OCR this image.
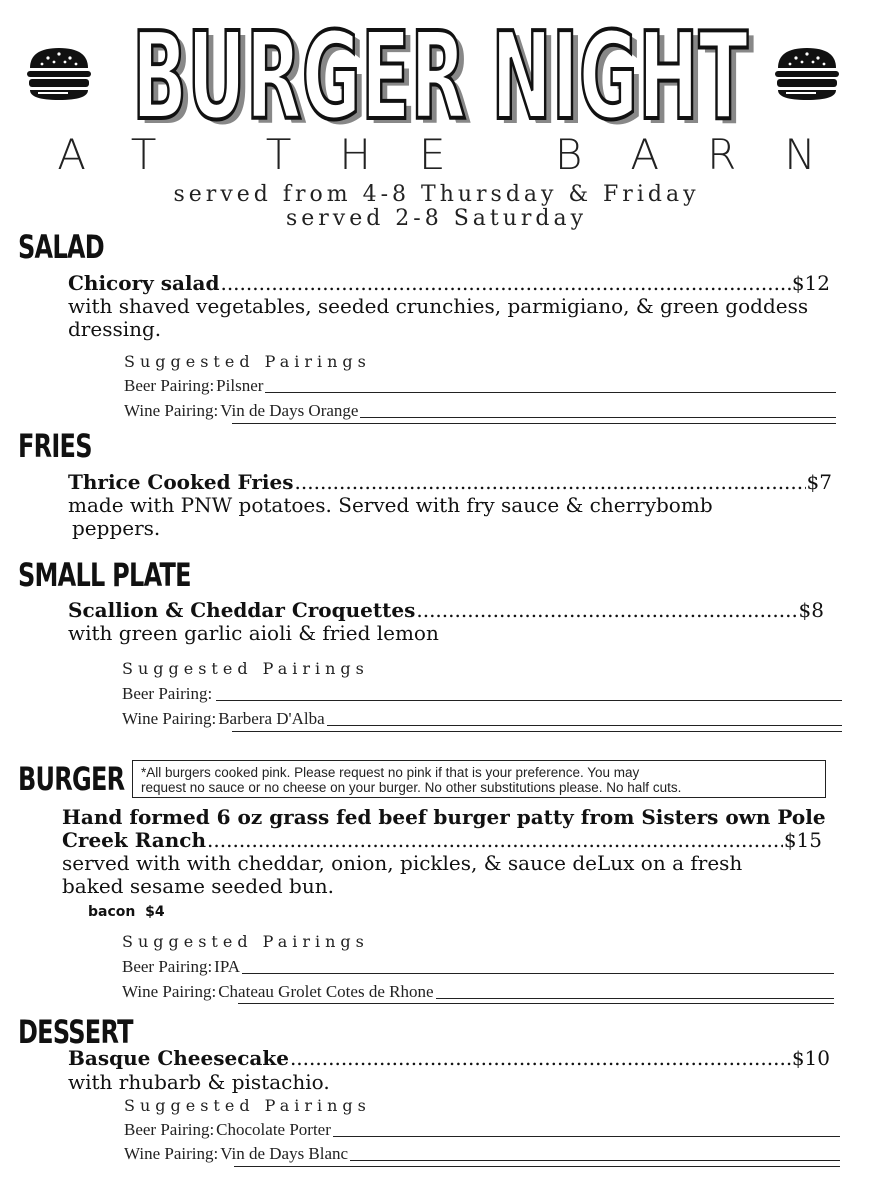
BURGER NIGHT
BURGER NIGHT
AT THE BARN
served from 4-8 Thursday & Friday
served 2-8 Saturday
SALAD
Chicory salad .....	$12
with shaved vegetables, seeded crunchies, parmigiano, & green goddess
dressing.
Suggested Pairings
Beer Pairing: Pilsner
Wine Pairing: Vin de Days Orange
FRIES
Thrice Cooked Fries .....	$7
made with PNW potatoes. Served with fry sauce & cherrybomb
peppers.
SMALL PLATE
Scallion & Cheddar Croquettes .....	$8
with green garlic aioli & fried lemon
Suggested Pairings
Beer Pairing:
Wine Pairing: Barbera D'Alba
BURGER *All burgers cooked pink. Please request no pink if that is your preference. You may
request no sauce or no cheese on your burger. No other substitutions please. No half cuts.
Hand formed 6 oz grass fed beef burger patty from Sisters own Pole
Creek Ranch .....	$15
served with with cheddar, onion, pickles, & sauce deLux on a fresh
baked sesame seeded bun.
bacon  $4
Suggested Pairings
Beer Pairing: IPA
Wine Pairing: Chateau Grolet Cotes de Rhone
DESSERT
Basque Cheesecake .....	$10
with rhubarb & pistachio.
Suggested Pairings
Beer Pairing: Chocolate Porter
Wine Pairing: Vin de Days Blanc
